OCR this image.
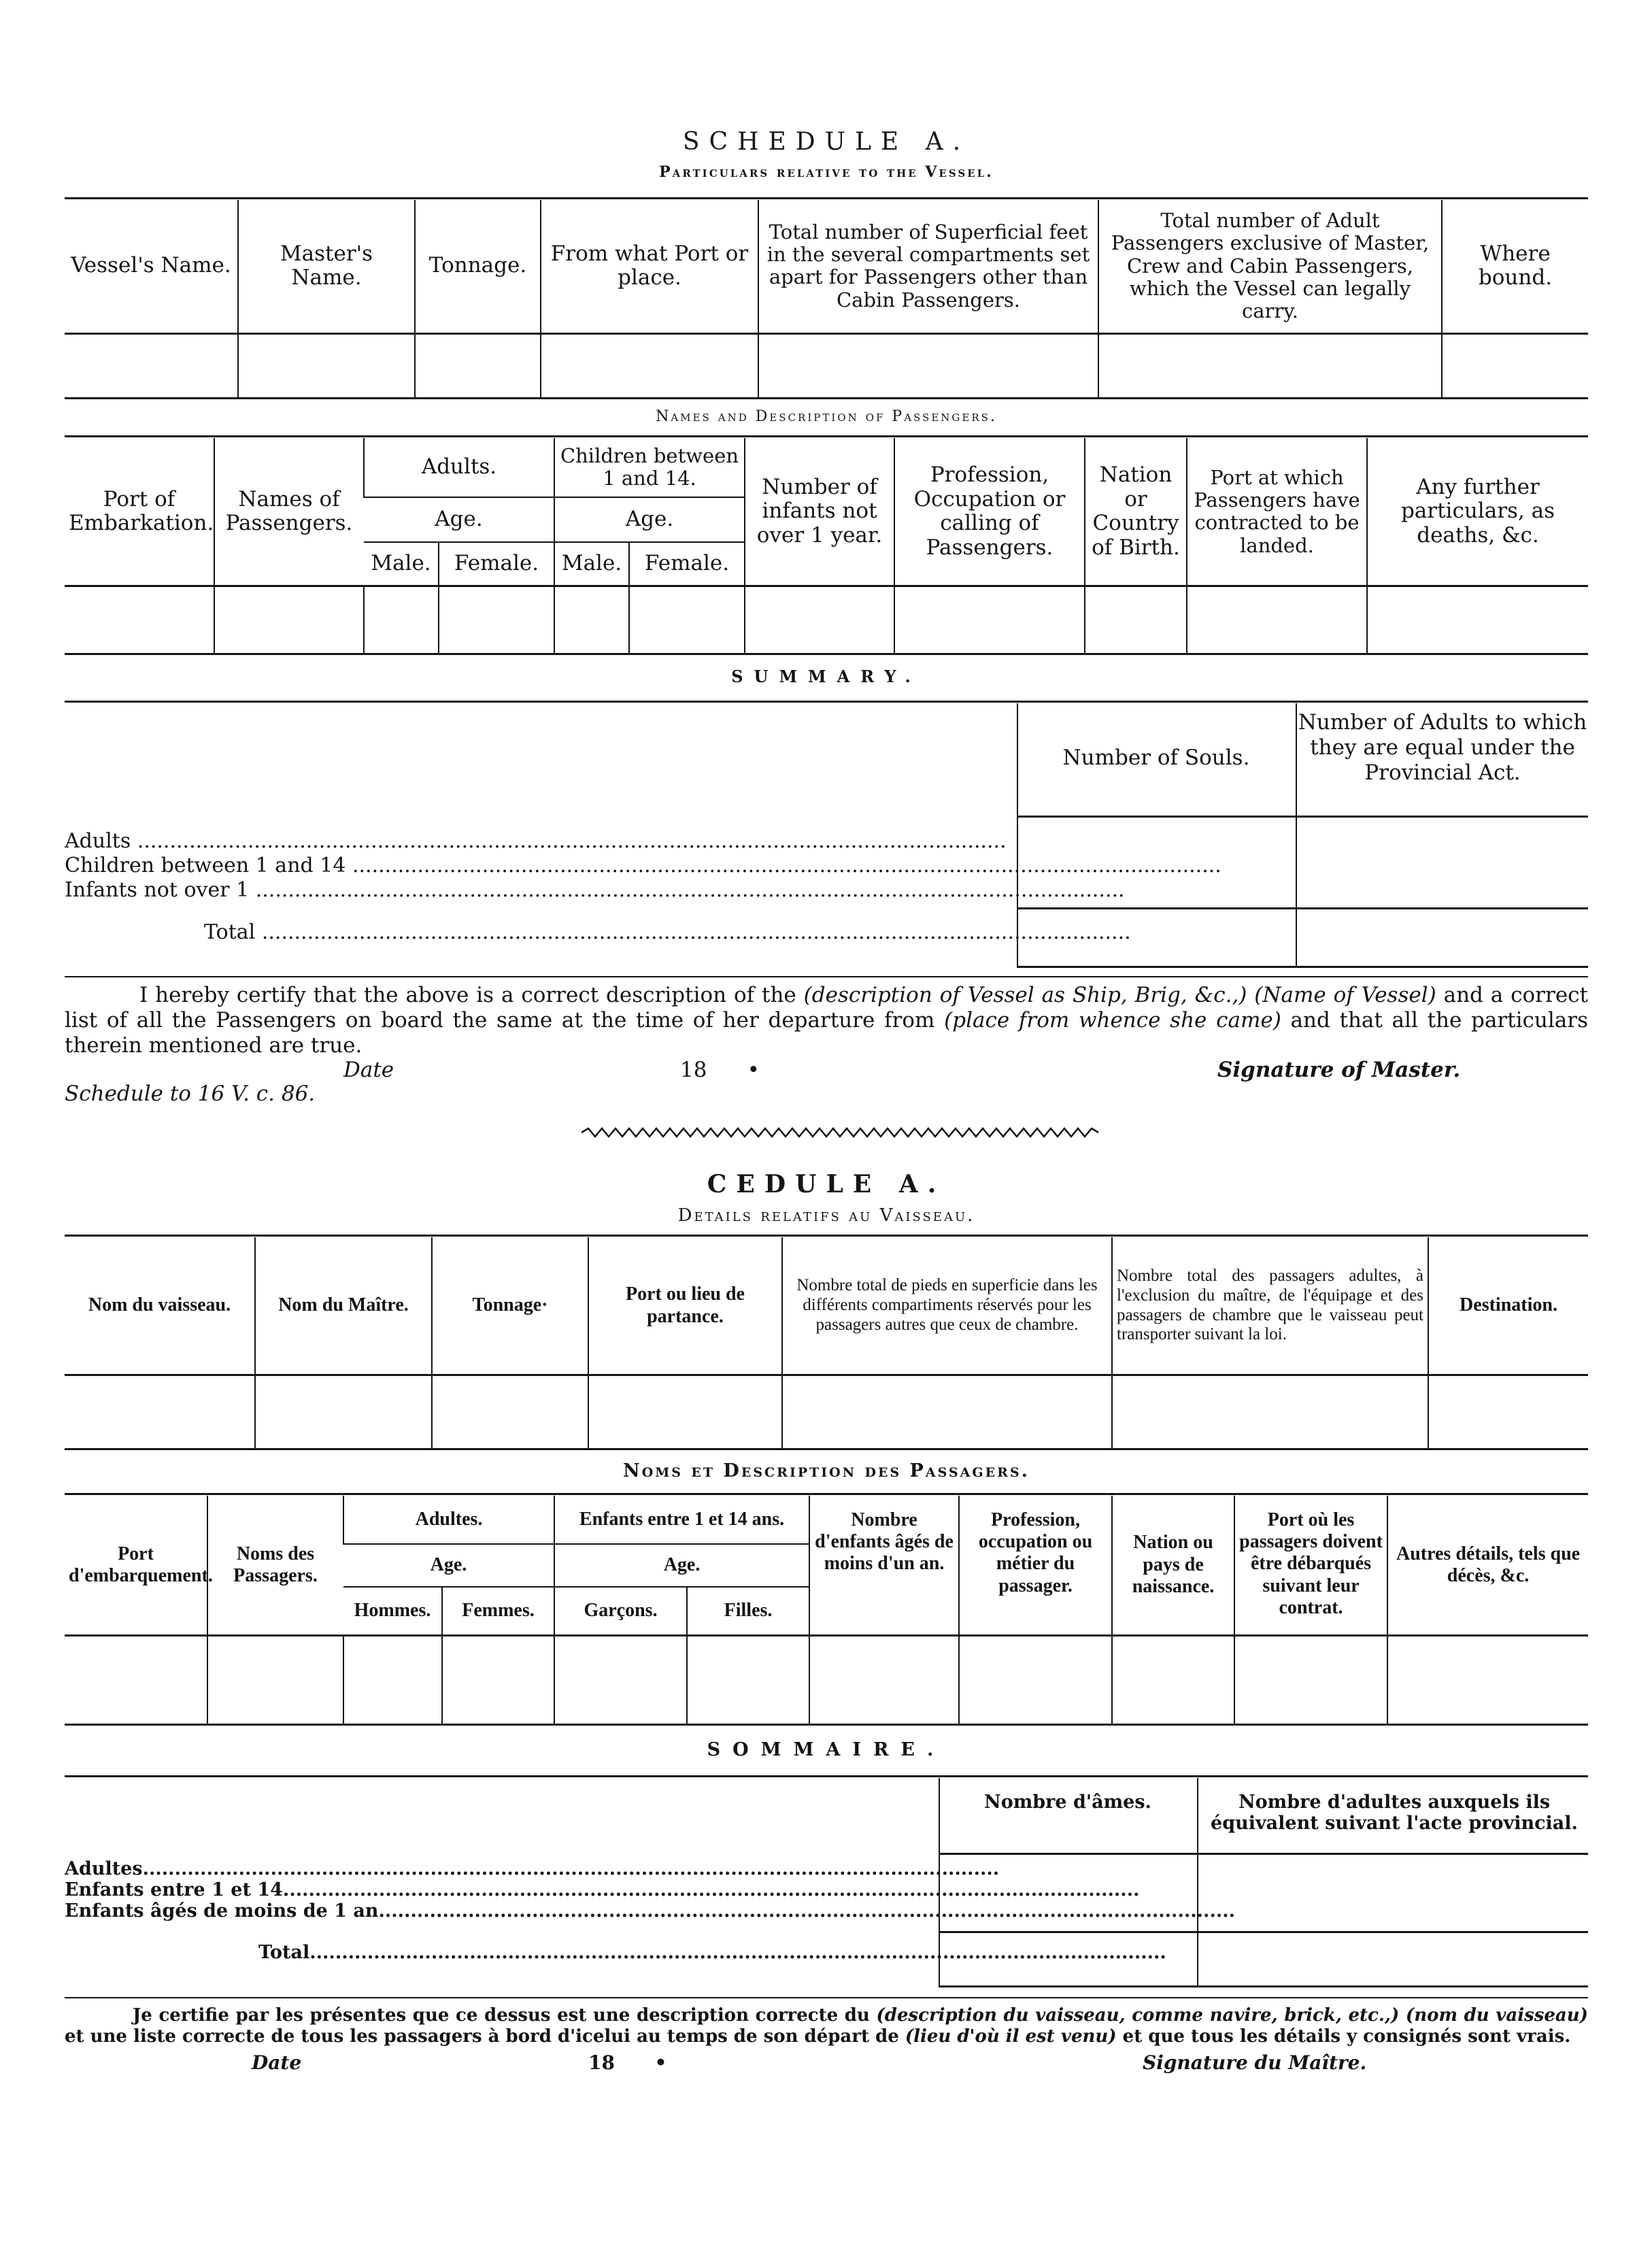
SCHEDULE A.
Particulars relative to the Vessel.
Vessel's Name.	Master's Name.	Tonnage.	From what Port or place.	Total number of Superficial feet in the several compartments set apart for Passengers other than Cabin Passengers.	Total number of Adult Passengers exclusive of Master, Crew and Cabin Passengers, which the Vessel can legally carry.	Where bound.

Names and Description of Passengers.
Port of Embarkation.	Names of Passengers.	Adults.		Children between 1 and 14.		Number of infants not over 1 year.	Profession, Occupation or calling of Passengers.	Nation or Country of Birth.	Port at which Passengers have contracted to be landed.	Any further particulars, as deaths, &c.
		Age.		Age.						
		Male.	Female.	Male.	Female.					

SUMMARY.
Number of Souls.
Number of Adults to which they are equal under the Provincial Act.
Adults ......................................................................................................................................
Children between 1 and 14 ......................................................................................................................................
Infants not over 1 ......................................................................................................................................
Total ......................................................................................................................................
I hereby certify that the above is a correct description of the (description of Vessel as Ship, Brig, &c.,) (Name of Vessel) and a correct list of all the Passengers on board the same at the time of her departure from (place from whence she came) and that all the particulars therein mentioned are true.
Date	18      •	Signature of Master.
Schedule to 16 V. c. 86.
CEDULE A.
Details relatifs au Vaisseau.
Nom du vaisseau.	Nom du Maître.	Tonnage·	Port ou lieu de partance.	Nombre total de pieds en superficie dans les différents compartiments réservés pour les passagers autres que ceux de chambre.	Nombre total des passagers adultes, à l'exclusion du maître, de l'équipage et des passagers de chambre que le vaisseau peut transporter suivant la loi.	Destination.

Noms et Description des Passagers.
Port d'embarquement.	Noms des Passagers.	Adultes.		Enfants entre 1 et 14 ans.		Nombre d'enfants âgés de moins d'un an.	Profession, occupation ou métier du passager.	Nation ou pays de naissance.	Port où les passagers doivent être débarqués suivant leur contrat.	Autres détails, tels que décès, &c.
		Age.		Age.						
		Hommes.	Femmes.	Garçons.	Filles.					

SOMMAIRE.
Nombre d'âmes.	Nombre d'adultes auxquels ils équivalent suivant l'acte provincial.
Adultes......................................................................................................................................
Enfants entre 1 et 14......................................................................................................................................
Enfants âgés de moins de 1 an......................................................................................................................................
Total......................................................................................................................................
Je certifie par les présentes que ce dessus est une description correcte du (description du vaisseau, comme navire, brick, etc.,) (nom du vaisseau) et une liste correcte de tous les passagers à bord d'icelui au temps de son départ de (lieu d'où il est venu) et que tous les détails y consignés sont vrais.
Date	18      •	Signature du Maître.
